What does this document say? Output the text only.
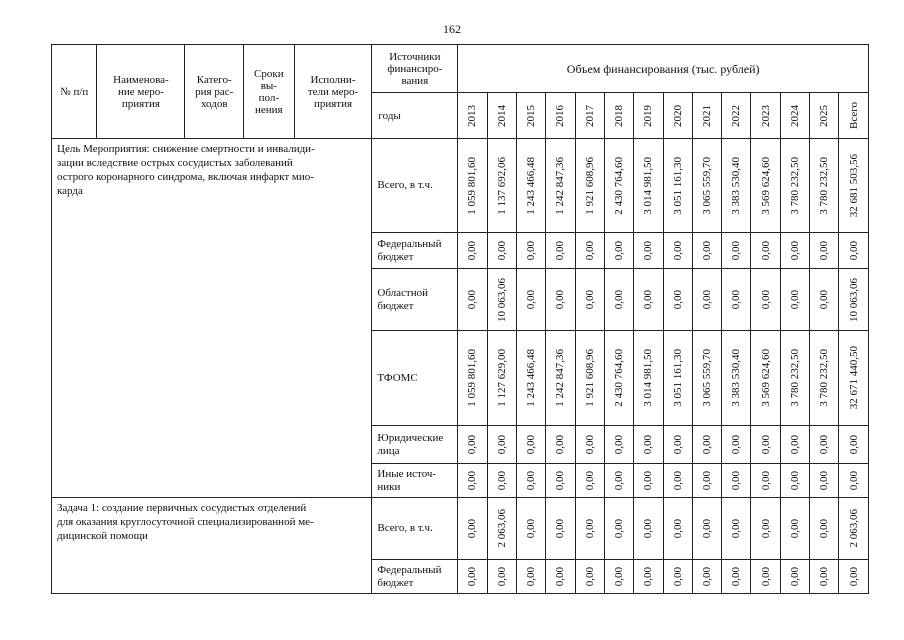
162
№ п/п	Наименова-
ние меро-
приятия	Катего-
рия рас-
ходов	Сроки
вы-
пол-
нения	Исполни-
тели меро-
приятия	Источники
финансиро-
вания	Объем финансирования (тыс. рублей)													
					годы	2013	2014	2015	2016	2017	2018	2019	2020	2021	2022	2023	2024	2025	Всего

Цель Мероприятия: снижение смертности и инвалиди-
зации вследствие острых сосудистых заболеваний
острого коронарного синдрома, включая инфаркт мио-
карда					Всего, в т.ч.	1 059 801,60	1 137 692,06	1 243 466,48	1 242 847,36	1 921 608,96	2 430 764,60	3 014 981,50	3 051 161,30	3 065 559,70	3 383 530,40	3 569 624,60	3 780 232,50	3 780 232,50	32 681 503,56

					Федеральный бюджет	0,00	0,00	0,00	0,00	0,00	0,00	0,00	0,00	0,00	0,00	0,00	0,00	0,00	0,00

					Областной бюджет	0,00	10 063,06	0,00	0,00	0,00	0,00	0,00	0,00	0,00	0,00	0,00	0,00	0,00	10 063,06

					ТФОМС	1 059 801,60	1 127 629,00	1 243 466,48	1 242 847,36	1 921 608,96	2 430 764,60	3 014 981,50	3 051 161,30	3 065 559,70	3 383 530,40	3 569 624,60	3 780 232,50	3 780 232,50	32 671 440,50

					Юридические лица	0,00	0,00	0,00	0,00	0,00	0,00	0,00	0,00	0,00	0,00	0,00	0,00	0,00	0,00

					Иные источ-ники	0,00	0,00	0,00	0,00	0,00	0,00	0,00	0,00	0,00	0,00	0,00	0,00	0,00	0,00

Задача 1: создание первичных сосудистых отделений
для оказания круглосуточной специализированной ме-
дицинской помощи					Всего, в т.ч.	0,00	2 063,06	0,00	0,00	0,00	0,00	0,00	0,00	0,00	0,00	0,00	0,00	0,00	2 063,06

					Федеральный бюджет	0,00	0,00	0,00	0,00	0,00	0,00	0,00	0,00	0,00	0,00	0,00	0,00	0,00	0,00
